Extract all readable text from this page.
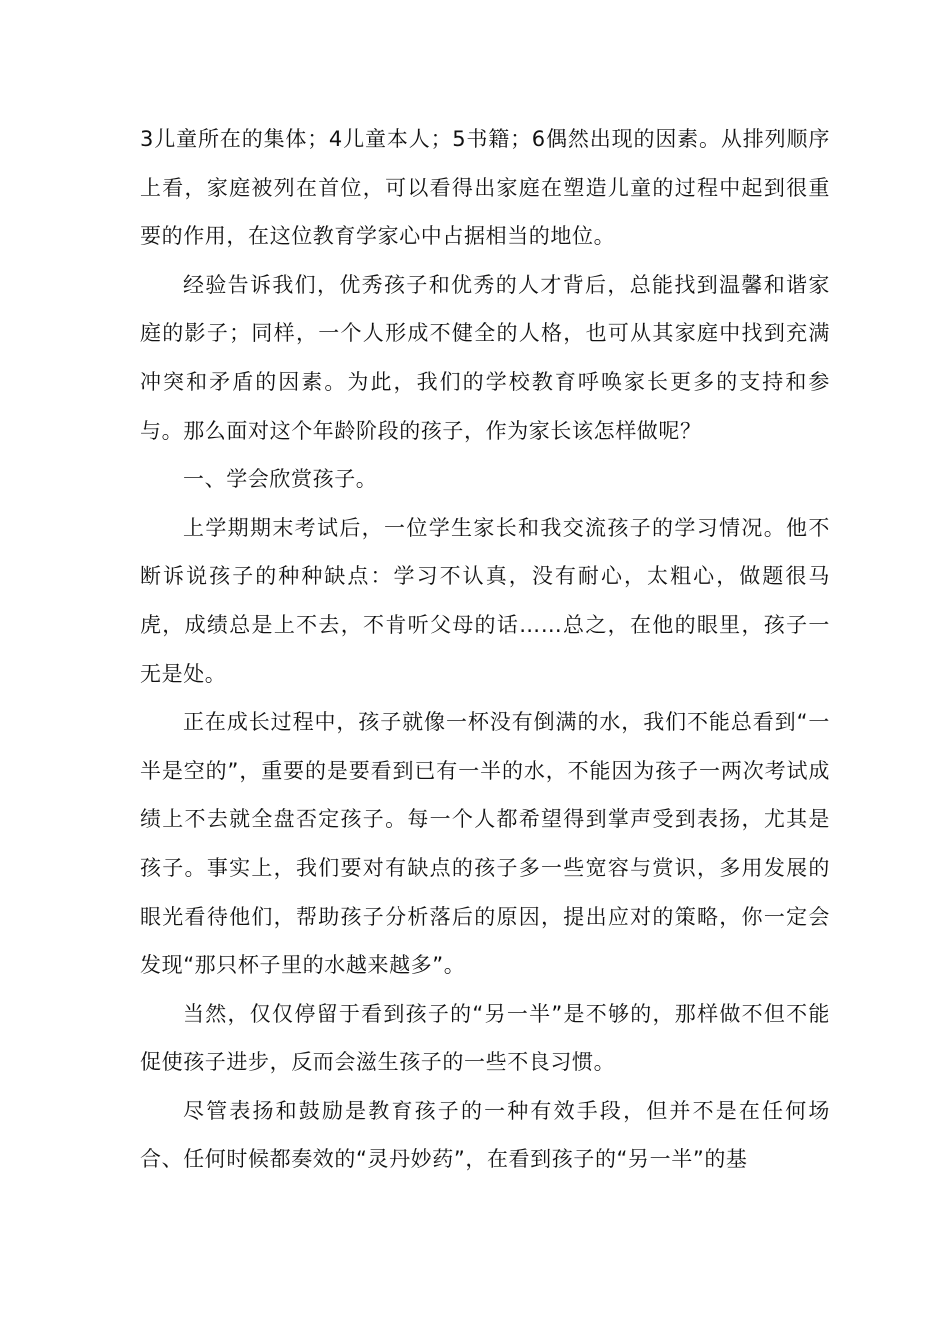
3儿童所在的集体；4儿童本人；5书籍；6偶然出现的因素。从排列顺序上看，家庭被列在首位，可以看得出家庭在塑造儿童的过程中起到很重要的作用，在这位教育学家心中占据相当的地位。

经验告诉我们，优秀孩子和优秀的人才背后，总能找到温馨和谐家庭的影子；同样，一个人形成不健全的人格，也可从其家庭中找到充满冲突和矛盾的因素。为此，我们的学校教育呼唤家长更多的支持和参与。那么面对这个年龄阶段的孩子，作为家长该怎样做呢？

一、学会欣赏孩子。

上学期期末考试后，一位学生家长和我交流孩子的学习情况。他不断诉说孩子的种种缺点：学习不认真，没有耐心，太粗心，做题很马虎，成绩总是上不去，不肯听父母的话……总之，在他的眼里，孩子一无是处。

正在成长过程中，孩子就像一杯没有倒满的水，我们不能总看到“一半是空的”，重要的是要看到已有一半的水，不能因为孩子一两次考试成绩上不去就全盘否定孩子。每一个人都希望得到掌声受到表扬，尤其是孩子。事实上，我们要对有缺点的孩子多一些宽容与赏识，多用发展的眼光看待他们，帮助孩子分析落后的原因，提出应对的策略，你一定会发现“那只杯子里的水越来越多”。

当然，仅仅停留于看到孩子的“另一半”是不够的，那样做不但不能促使孩子进步，反而会滋生孩子的一些不良习惯。

尽管表扬和鼓励是教育孩子的一种有效手段，但并不是在任何场合、任何时候都奏效的“灵丹妙药”，在看到孩子的“另一半”的基
